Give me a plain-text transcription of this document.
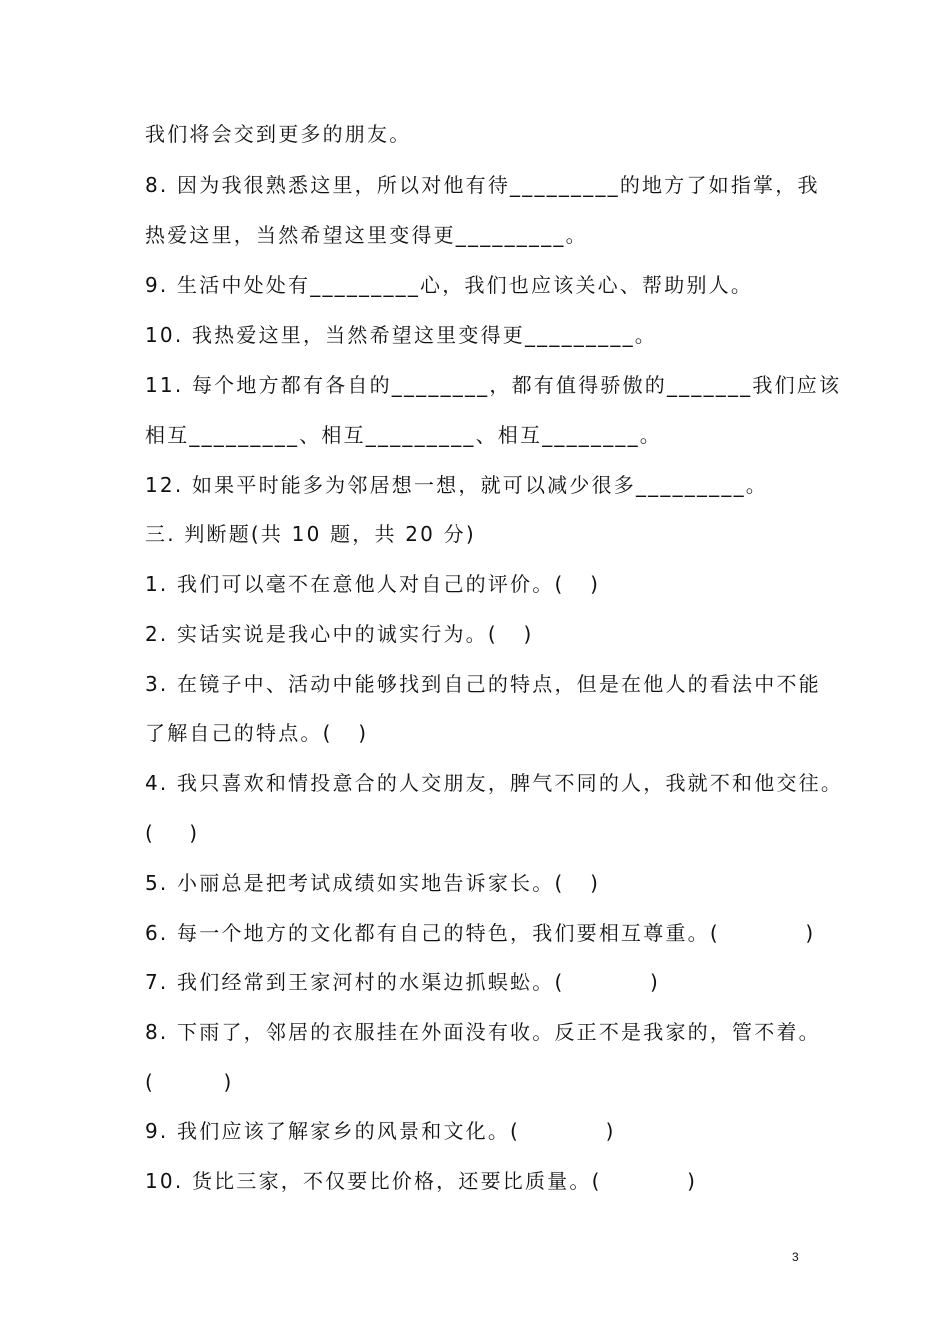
我们将会交到更多的朋友。
8. 因为我很熟悉这里，所以对他有待_________的地方了如指掌，我
热爱这里，当然希望这里变得更_________。
9. 生活中处处有_________心，我们也应该关心、帮助别人。
10. 我热爱这里，当然希望这里变得更_________。
11. 每个地方都有各自的________，都有值得骄傲的_______我们应该
相互_________、相互_________、相互________。
12. 如果平时能多为邻居想一想，就可以减少很多_________。
三. 判断题(共 10 题，共 20 分)
1. 我们可以毫不在意他人对自己的评价。(   )
2. 实话实说是我心中的诚实行为。(   )
3. 在镜子中、活动中能够找到自己的特点，但是在他人的看法中不能
了解自己的特点。(   )
4. 我只喜欢和情投意合的人交朋友，脾气不同的人，我就不和他交往。
(    )
5. 小丽总是把考试成绩如实地告诉家长。(   )
6. 每一个地方的文化都有自己的特色，我们要相互尊重。(          )
7. 我们经常到王家河村的水渠边抓蜈蚣。(          )
8. 下雨了，邻居的衣服挂在外面没有收。反正不是我家的，管不着。
(        )
9. 我们应该了解家乡的风景和文化。(          )
10. 货比三家，不仅要比价格，还要比质量。(          )
3
